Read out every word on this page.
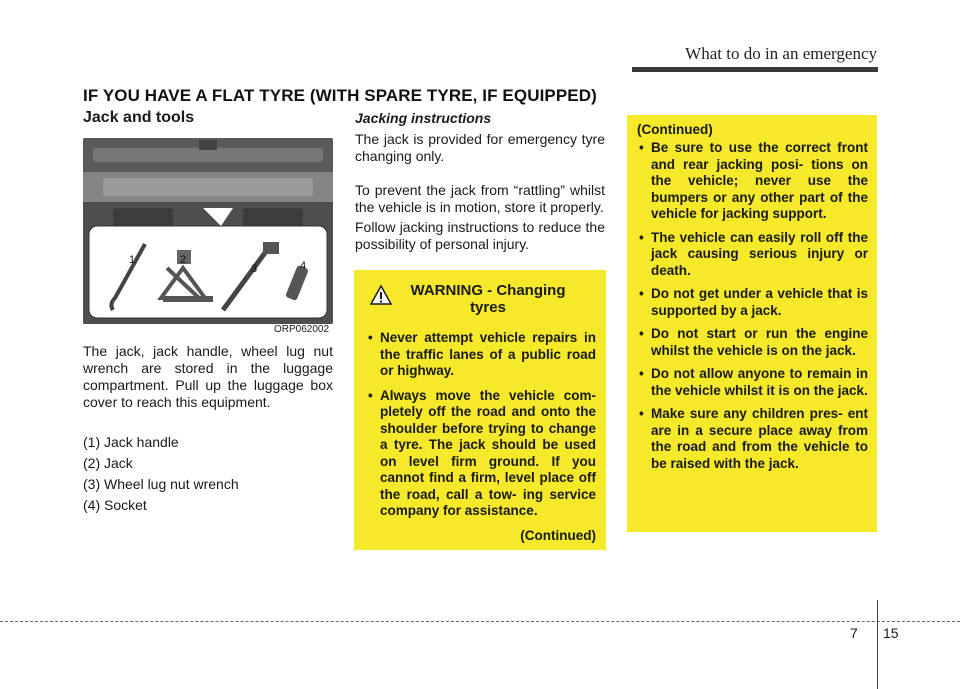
What to do in an emergency
IF YOU HAVE A FLAT TYRE (WITH SPARE TYRE, IF EQUIPPED)
Jack and tools
1	2
3	4
ORP062002
The jack, jack handle, wheel lug nut wrench are stored in the luggage compartment. Pull up the luggage box cover to reach this equipment.
(1) Jack handle
(2) Jack
(3) Wheel lug nut wrench
(4) Socket
Jacking instructions
The jack is provided for emergency tyre changing only.
To prevent the jack from “rattling” whilst the vehicle is in motion, store it properly.
Follow jacking instructions to reduce the possibility of personal injury.
WARNING - Changing tyres
• Never attempt vehicle repairs in the traffic lanes of a public road or highway.
• Always move the vehicle com- pletely off the road and onto the shoulder before trying to change a tyre. The jack should be used on level firm ground. If you cannot find a firm, level place off the road, call a tow- ing service company for assistance.
(Continued)
(Continued)
• Be sure to use the correct front and rear jacking posi- tions on the vehicle; never use the bumpers or any other part of the vehicle for jacking support.
• The vehicle can easily roll off the jack causing serious injury or death.
• Do not get under a vehicle that is supported by a jack.
• Do not start or run the engine whilst the vehicle is on the jack.
• Do not allow anyone to remain in the vehicle whilst it is on the jack.
• Make sure any children pres- ent are in a secure place away from the road and from the vehicle to be raised with the jack.
7 15
